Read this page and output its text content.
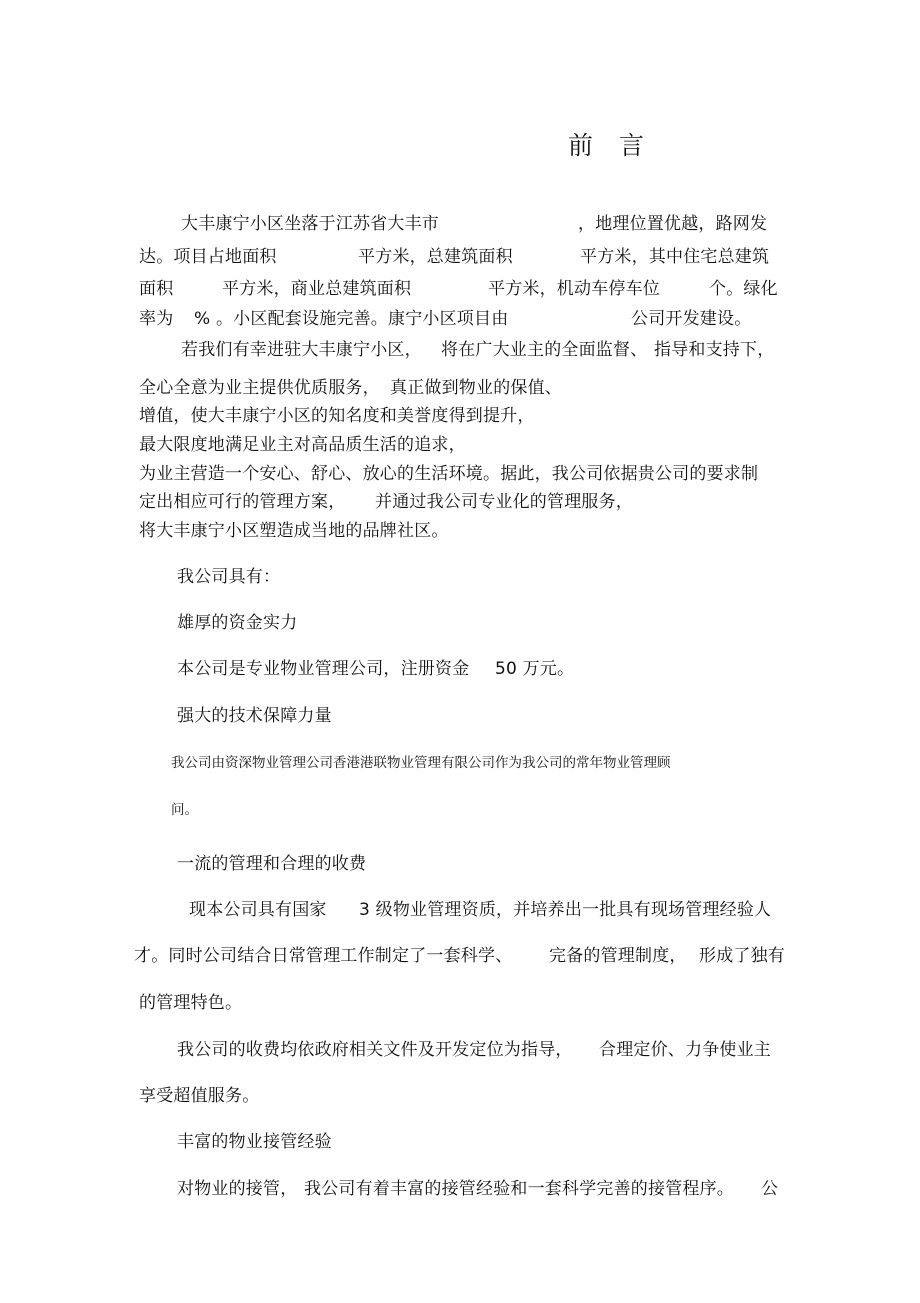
前 言
大丰康宁小区坐落于江苏省大丰市	，地理位置优越，路网发
达。项目占地面积	平方米，总建筑面积	平方米，其中住宅总建筑
面积	平方米，商业总建筑面积	平方米，机动车停车位	个。绿化
率为 % 。小区配套设施完善。康宁小区项目由	公司开发建设。
若我们有幸进驻大丰康宁小区， 将在广大业主的全面监督、 指导和支持下，
全心全意为业主提供优质服务， 真正做到物业的保值、
增值，使大丰康宁小区的知名度和美誉度得到提升，
最大限度地满足业主对高品质生活的追求，
为业主营造一个安心、舒心、放心的生活环境。据此，我公司依据贵公司的要求制
定出相应可行的管理方案， 并通过我公司专业化的管理服务，
将大丰康宁小区塑造成当地的品牌社区。
我公司具有：
雄厚的资金实力
本公司是专业物业管理公司，注册资金 50 万元。
强大的技术保障力量
我公司由资深物业管理公司香港港联物业管理有限公司作为我公司的常年物业管理顾
问。
一流的管理和合理的收费
现本公司具有国家 3 级物业管理资质，并培养出一批具有现场管理经验人
才。同时公司结合日常管理工作制定了一套科学、 完备的管理制度， 形成了独有
的管理特色。
我公司的收费均依政府相关文件及开发定位为指导， 合理定价、力争使业主
享受超值服务。
丰富的物业接管经验
对物业的接管， 我公司有着丰富的接管经验和一套科学完善的接管程序。 公
